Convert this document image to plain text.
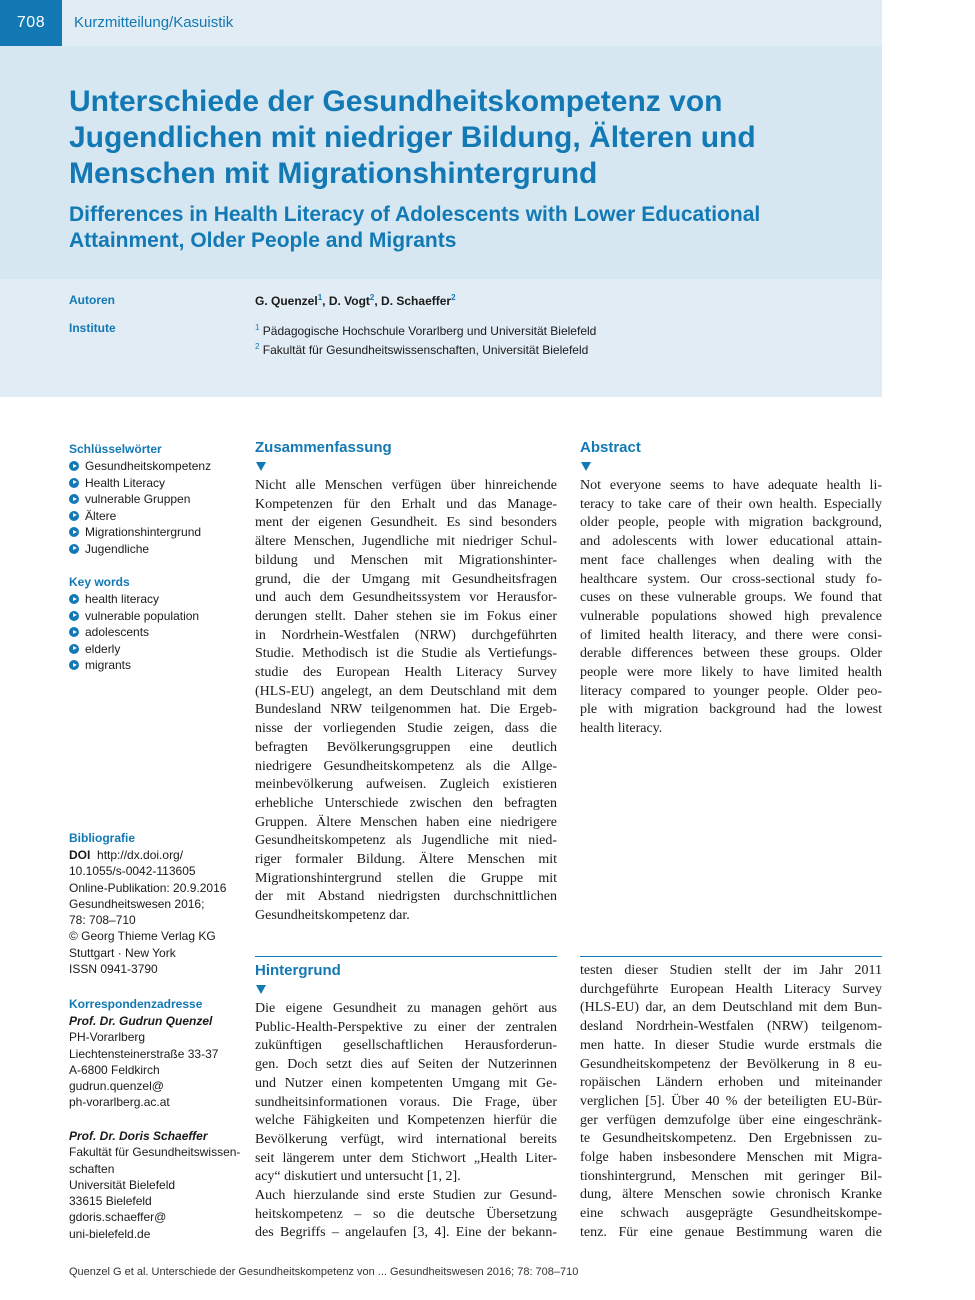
708	Kurzmitteilung/Kasuistik
Unterschiede der Gesundheitskompetenz von
Jugendlichen mit niedriger Bildung, Älteren und
Menschen mit Migrationshintergrund
Differences in Health Literacy of Adolescents with Lower Educational
Attainment, Older People and Migrants
Autoren	G. Quenzel$^1$, D. Vogt$^2$, D. Schaeffer$^2$
Institute	$^1$ Pädagogische Hochschule Vorarlberg und Universität Bielefeld
$^2$ Fakultät für Gesundheitswissenschaften, Universität Bielefeld
Schlüsselwörter
Gesundheitskompetenz
Health Literacy
vulnerable Gruppen
Ältere
Migrationshintergrund
Jugendliche
Key words
health literacy
vulnerable population
adolescents
elderly
migrants
Bibliografie
DOI http://dx.doi.org/
10.1055/s-0042-113605
Online-Publikation: 20.9.2016
Gesundheitswesen 2016;
78: 708–710
© Georg Thieme Verlag KG
Stuttgart · New York
ISSN 0941-3790
Korrespondenzadresse
Prof. Dr. Gudrun Quenzel
PH-Vorarlberg
Liechtensteinerstraße 33-37
A-6800 Feldkirch
gudrun.quenzel@
ph-vorarlberg.ac.at
Prof. Dr. Doris Schaeffer
Fakultät für Gesundheitswissen-
schaften
Universität Bielefeld
33615 Bielefeld
gdoris.schaeffer@
uni-bielefeld.de
Zusammenfassung
Nicht alle Menschen verfügen über hinreichende
Kompetenzen für den Erhalt und das Manage-
ment der eigenen Gesundheit. Es sind besonders
ältere Menschen, Jugendliche mit niedriger Schul-
bildung und Menschen mit Migrationshinter-
grund, die der Umgang mit Gesundheitsfragen
und auch dem Gesundheitssystem vor Herausfor-
derungen stellt. Daher stehen sie im Fokus einer
in Nordrhein-Westfalen (NRW) durchgeführten
Studie. Methodisch ist die Studie als Vertiefungs-
studie des European Health Literacy Survey
(HLS-EU) angelegt, an dem Deutschland mit dem
Bundesland NRW teilgenommen hat. Die Ergeb-
nisse der vorliegenden Studie zeigen, dass die
befragten Bevölkerungsgruppen eine deutlich
niedrigere Gesundheitskompetenz als die Allge-
meinbevölkerung aufweisen. Zugleich existieren
erhebliche Unterschiede zwischen den befragten
Gruppen. Ältere Menschen haben eine niedrigere
Gesundheitskompetenz als Jugendliche mit nied-
riger formaler Bildung. Ältere Menschen mit
Migrationshintergrund stellen die Gruppe mit
der mit Abstand niedrigsten durchschnittlichen
Gesundheitskompetenz dar.
Abstract
Not everyone seems to have adequate health li-
teracy to take care of their own health. Especially
older people, people with migration background,
and adolescents with lower educational attain-
ment face challenges when dealing with the
healthcare system. Our cross-sectional study fo-
cuses on these vulnerable groups. We found that
vulnerable populations showed high prevalence
of limited health literacy, and there were consi-
derable differences between these groups. Older
people were more likely to have limited health
literacy compared to younger people. Older peo-
ple with migration background had the lowest
health literacy.
Hintergrund
Die eigene Gesundheit zu managen gehört aus
Public-Health-Perspektive zu einer der zentralen
zukünftigen gesellschaftlichen Herausforderun-
gen. Doch setzt dies auf Seiten der Nutzerinnen
und Nutzer einen kompetenten Umgang mit Ge-
sundheitsinformationen voraus. Die Frage, über
welche Fähigkeiten und Kompetenzen hierfür die
Bevölkerung verfügt, wird international bereits
seit längerem unter dem Stichwort „Health Liter-
acy“ diskutiert und untersucht [1, 2].
Auch hierzulande sind erste Studien zur Gesund-
heitskompetenz – so die deutsche Übersetzung
des Begriffs – angelaufen [3, 4]. Eine der bekann-
testen dieser Studien stellt der im Jahr 2011
durchgeführte European Health Literacy Survey
(HLS-EU) dar, an dem Deutschland mit dem Bun-
desland Nordrhein-Westfalen (NRW) teilgenom-
men hatte. In dieser Studie wurde erstmals die
Gesundheitskompetenz der Bevölkerung in 8 eu-
ropäischen Ländern erhoben und miteinander
verglichen [5]. Über 40 % der beteiligten EU-Bür-
ger verfügen demzufolge über eine eingeschränk-
te Gesundheitskompetenz. Den Ergebnissen zu-
folge haben insbesondere Menschen mit Migra-
tionshintergrund, Menschen mit geringer Bil-
dung, ältere Menschen sowie chronisch Kranke
eine schwach ausgeprägte Gesundheitskompe-
tenz. Für eine genaue Bestimmung waren die
Quenzel G et al. Unterschiede der Gesundheitskompetenz von ... Gesundheitswesen 2016; 78: 708–710
